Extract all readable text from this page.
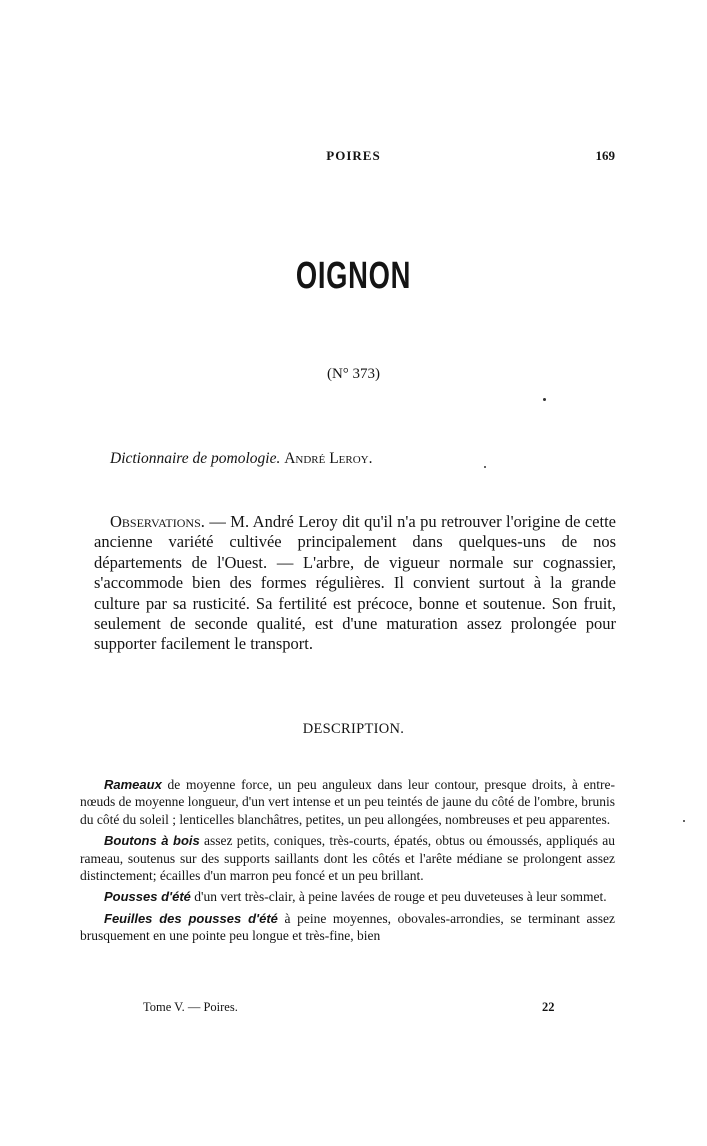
POIRES	169
OIGNON
(N° 373)
Dictionnaire de pomologie. André Leroy.

Observations. — M. André Leroy dit qu'il n'a pu retrouver l'origine de cette ancienne variété cultivée principalement dans quelques-uns de nos départements de l'Ouest. — L'arbre, de vigueur normale sur cognassier, s'accommode bien des formes régulières. Il convient surtout à la grande culture par sa rusticité. Sa fertilité est précoce, bonne et soutenue. Son fruit, seulement de seconde qualité, est d'une maturation assez prolongée pour supporter facilement le transport.

DESCRIPTION.

Rameaux de moyenne force, un peu anguleux dans leur contour, presque droits, à entre-nœuds de moyenne longueur, d'un vert intense et un peu teintés de jaune du côté de l'ombre, brunis du côté du soleil ; lenticelles blanchâtres, petites, un peu allongées, nombreuses et peu apparentes.

Boutons à bois assez petits, coniques, très-courts, épatés, obtus ou émoussés, appliqués au rameau, soutenus sur des supports saillants dont les côtés et l'arête médiane se prolongent assez distinctement; écailles d'un marron peu foncé et un peu brillant.

Pousses d'été d'un vert très-clair, à peine lavées de rouge et peu duveteuses à leur sommet.

Feuilles des pousses d'été à peine moyennes, obovales-arrondies, se terminant assez brusquement en une pointe peu longue et très-fine, bien

Tome V. — Poires.	22
